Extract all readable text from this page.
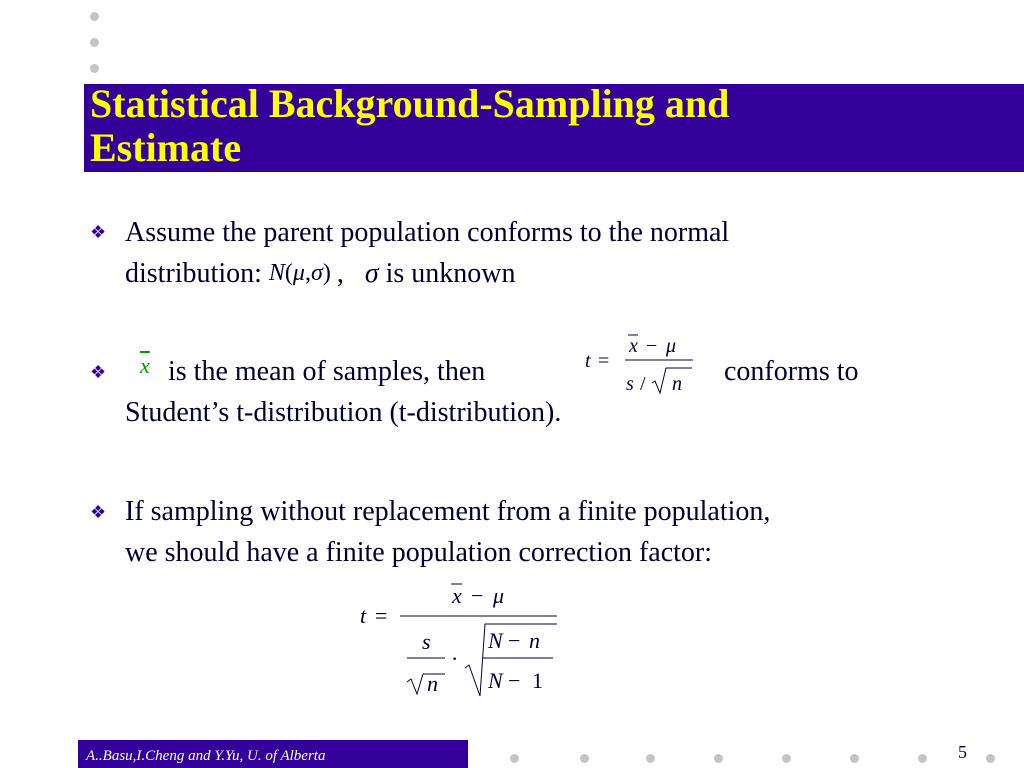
Statistical Background-Sampling and
Estimate
❖ Assume the parent population conforms to the normal
distribution: N(μ,σ) ,   σ is unknown
❖ $\overline{x}$ is the mean of samples, then	t =
x − μ
s / n conforms to
Student’s t-distribution (t-distribution).
❖ If sampling without replacement from a finite population,
we should have a finite population correction factor:
t =
x − μ
s
n
·
N − n
N − 1
A..Basu,I.Cheng and Y.Yu, U. of Alberta	5
